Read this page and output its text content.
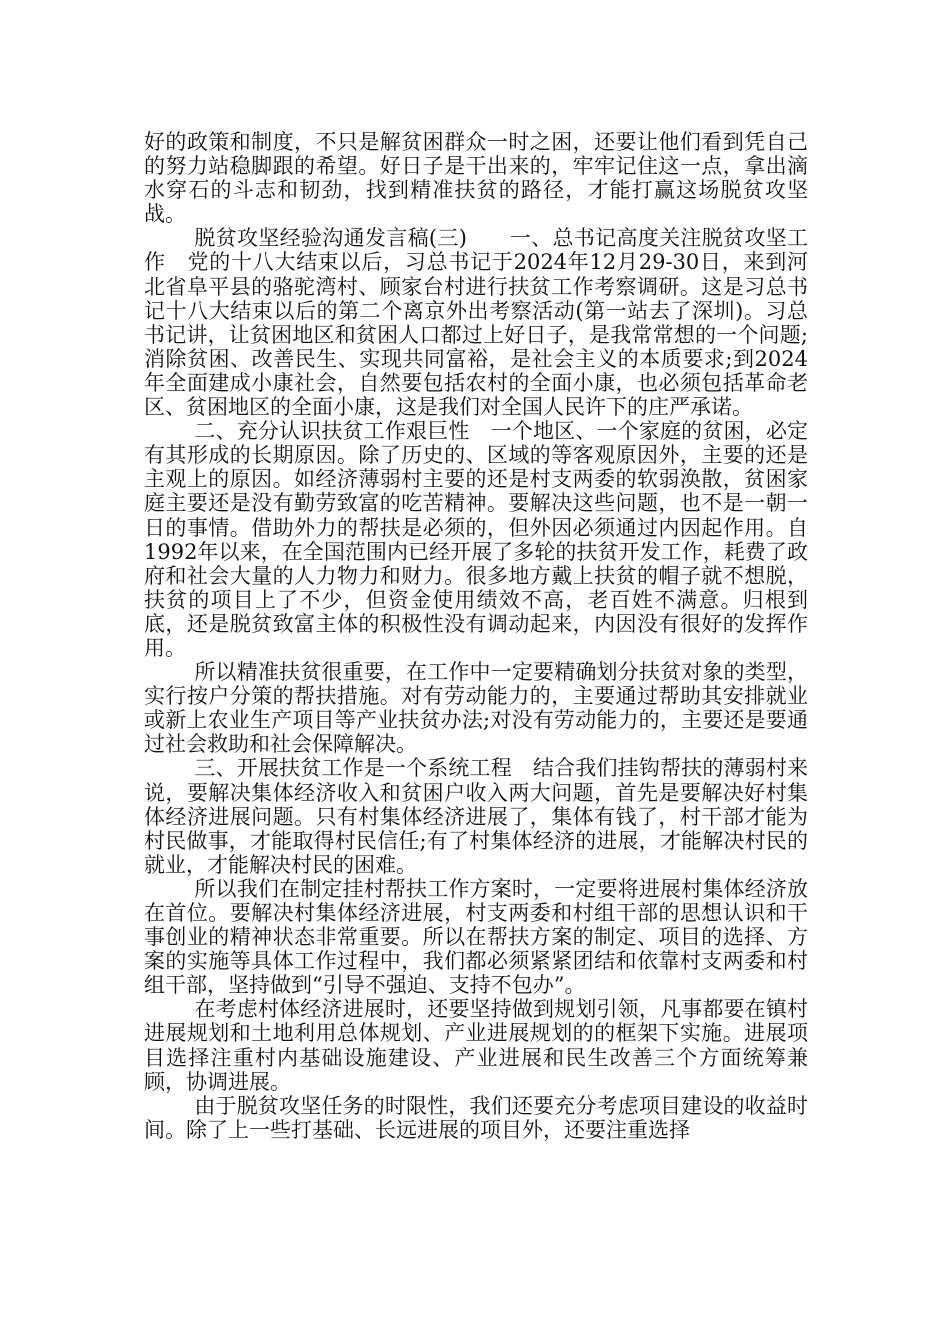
好的政策和制度，不只是解贫困群众一时之困，还要让他们看到凭自己的努力站稳脚跟的希望。好日子是干出来的，牢牢记住这一点，拿出滴水穿石的斗志和韧劲，找到精准扶贫的路径，才能打赢这场脱贫攻坚战。

脱贫攻坚经验沟通发言稿(三)　　一、总书记高度关注脱贫攻坚工作　党的十八大结束以后，习总书记于2024年12月29-30日，来到河北省阜平县的骆驼湾村、顾家台村进行扶贫工作考察调研。这是习总书记十八大结束以后的第二个离京外出考察活动(第一站去了深圳)。习总书记讲，让贫困地区和贫困人口都过上好日子，是我常常想的一个问题;消除贫困、改善民生、实现共同富裕，是社会主义的本质要求;到2024年全面建成小康社会，自然要包括农村的全面小康，也必须包括革命老区、贫困地区的全面小康，这是我们对全国人民许下的庄严承诺。

二、充分认识扶贫工作艰巨性　一个地区、一个家庭的贫困，必定有其形成的长期原因。除了历史的、区域的等客观原因外，主要的还是主观上的原因。如经济薄弱村主要的还是村支两委的软弱涣散，贫困家庭主要还是没有勤劳致富的吃苦精神。要解决这些问题，也不是一朝一日的事情。借助外力的帮扶是必须的，但外因必须通过内因起作用。自1992年以来，在全国范围内已经开展了多轮的扶贫开发工作，耗费了政府和社会大量的人力物力和财力。很多地方戴上扶贫的帽子就不想脱，扶贫的项目上了不少，但资金使用绩效不高，老百姓不满意。归根到底，还是脱贫致富主体的积极性没有调动起来，内因没有很好的发挥作用。

所以精准扶贫很重要，在工作中一定要精确划分扶贫对象的类型，实行按户分策的帮扶措施。对有劳动能力的，主要通过帮助其安排就业或新上农业生产项目等产业扶贫办法;对没有劳动能力的，主要还是要通过社会救助和社会保障解决。

三、开展扶贫工作是一个系统工程　结合我们挂钩帮扶的薄弱村来说，要解决集体经济收入和贫困户收入两大问题，首先是要解决好村集体经济进展问题。只有村集体经济进展了，集体有钱了，村干部才能为村民做事，才能取得村民信任;有了村集体经济的进展，才能解决村民的就业，才能解决村民的困难。

所以我们在制定挂村帮扶工作方案时，一定要将进展村集体经济放在首位。要解决村集体经济进展，村支两委和村组干部的思想认识和干事创业的精神状态非常重要。所以在帮扶方案的制定、项目的选择、方案的实施等具体工作过程中，我们都必须紧紧团结和依靠村支两委和村组干部，坚持做到“引导不强迫、支持不包办”。

在考虑村体经济进展时，还要坚持做到规划引领，凡事都要在镇村进展规划和土地利用总体规划、产业进展规划的的框架下实施。进展项目选择注重村内基础设施建设、产业进展和民生改善三个方面统筹兼顾，协调进展。

由于脱贫攻坚任务的时限性，我们还要充分考虑项目建设的收益时间。除了上一些打基础、长远进展的项目外，还要注重选择
